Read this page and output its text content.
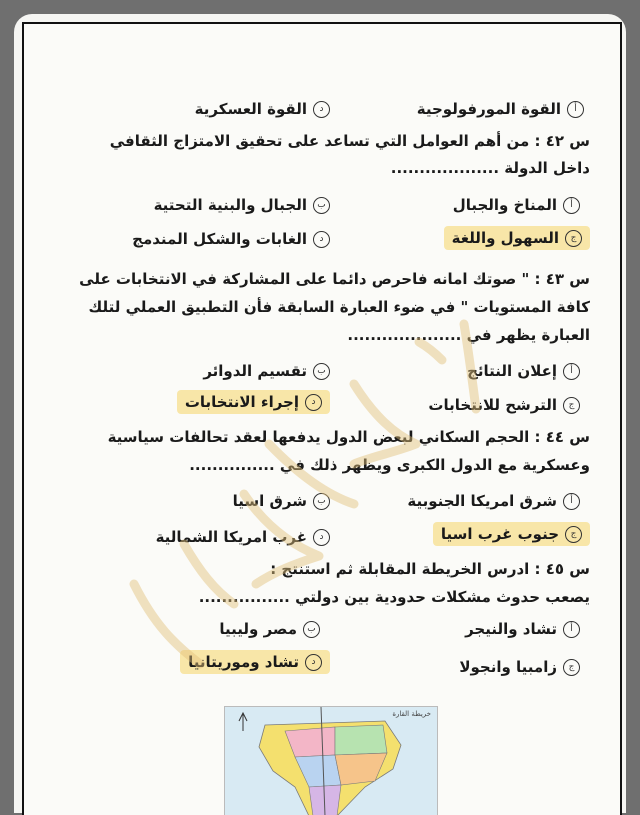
أ
القوة المورفولوجية
د
القوة العسكرية
س ٤٢ : من أهم العوامل التي تساعد على تحقيق الامتزاج الثقافي
داخل الدولة ...................
أ
المناخ والجبال
ب
الجبال والبنية التحتية
ج
السهول واللغة
د
الغابات والشكل المندمج
س ٤٣ : " صوتك امانه فاحرص دائما على المشاركة في الانتخابات على
كافة المستويات " في ضوء العبارة السابقة فأن التطبيق العملي لتلك
العبارة يظهر في ....................
أ
إعلان النتائج
ب
تقسيم الدوائر
ج
الترشح للانتخابات
د
إجراء الانتخابات
س ٤٤ : الحجم السكاني لبعض الدول يدفعها لعقد تحالفات سياسية
وعسكرية مع الدول الكبرى ويظهر ذلك في ...............
أ
شرق امريكا الجنوبية
ب
شرق اسيا
ج
جنوب غرب اسيا
د
غرب امريكا الشمالية
س ٤٥ : ادرس الخريطة المقابلة ثم استنتج :
يصعب حدوث مشكلات حدودية بين دولتي ................
أ
تشاد والنيجر
ب
مصر وليبيا
ج
زامبيا وانجولا
د
تشاد وموريتانيا
خريطة القارة
